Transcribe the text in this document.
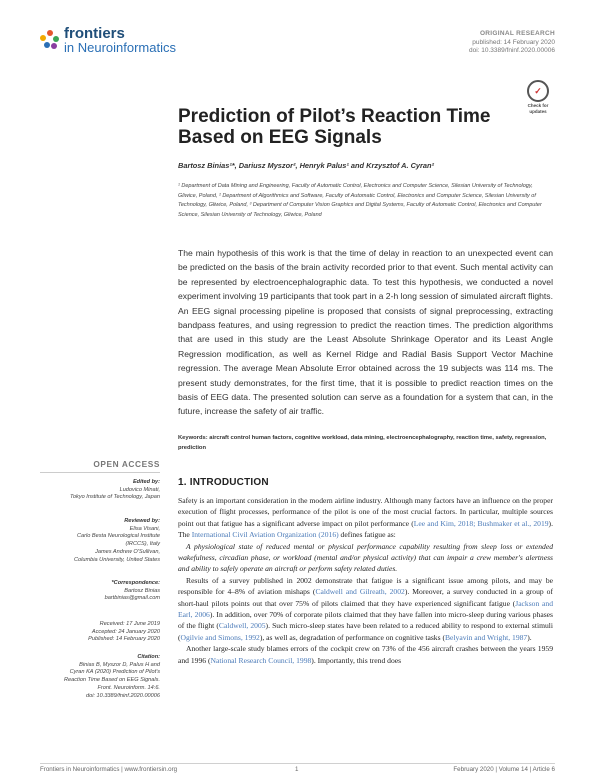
frontiers
in Neuroinformatics
ORIGINAL RESEARCH
published: 14 February 2020
doi: 10.3389/fninf.2020.00006
✓
Check for
updates
Prediction of Pilot’s Reaction Time Based on EEG Signals
Bartosz Binias¹*, Dariusz Myszor², Henryk Palus¹ and Krzysztof A. Cyran²
¹ Department of Data Mining and Engineering, Faculty of Automatic Control, Electronics and Computer Science, Silesian University of Technology, Gliwice, Poland, ² Department of Algorithmics and Software, Faculty of Automatic Control, Electronics and Computer Science, Silesian University of Technology, Gliwice, Poland, ³ Department of Computer Vision Graphics and Digital Systems, Faculty of Automatic Control, Electronics and Computer Science, Silesian University of Technology, Gliwice, Poland
The main hypothesis of this work is that the time of delay in reaction to an unexpected event can be predicted on the basis of the brain activity recorded prior to that event. Such mental activity can be represented by electroencephalographic data. To test this hypothesis, we conducted a novel experiment involving 19 participants that took part in a 2-h long session of simulated aircraft flights. An EEG signal processing pipeline is proposed that consists of signal preprocessing, extracting bandpass features, and using regression to predict the reaction times. The prediction algorithms that are used in this study are the Least Absolute Shrinkage Operator and its Least Angle Regression modification, as well as Kernel Ridge and Radial Basis Support Vector Machine regression. The average Mean Absolute Error obtained across the 19 subjects was 114 ms. The present study demonstrates, for the first time, that it is possible to predict reaction times on the basis of EEG data. The presented solution can serve as a foundation for a system that can, in the future, increase the safety of air traffic.
Keywords: aircraft control human factors, cognitive workload, data mining, electroencephalography, reaction time, safety, regression, prediction
OPEN ACCESS
Edited by:
Ludovico Minati,
Tokyo Institute of Technology, Japan
Reviewed by:
Elisa Visani,
Carlo Besta Neurological Institute
(IRCCS), Italy
James Andrew O'Sullivan,
Columbia University, United States
*Correspondence:
Bartosz Binias
bartbinias@gmail.com
Received: 17 June 2019
Accepted: 24 January 2020
Published: 14 February 2020
Citation:
Binias B, Myszor D, Palus H and
Cyran KA (2020) Prediction of Pilot's
Reaction Time Based on EEG Signals.
Front. Neuroinform. 14:6.
doi: 10.3389/fninf.2020.00006
1. INTRODUCTION

Safety is an important consideration in the modern airline industry. Although many factors have an influence on the proper execution of flight processes, performance of the pilot is one of the most crucial factors. In particular, multiple sources point out that fatigue has a significant adverse impact on pilot performance (Lee and Kim, 2018; Bushmaker et al., 2019). The International Civil Aviation Organization (2016) defines fatigue as:

A physiological state of reduced mental or physical performance capability resulting from sleep loss or extended wakefulness, circadian phase, or workload (mental and/or physical activity) that can impair a crew member's alertness and ability to safely operate an aircraft or perform safety related duties.

Results of a survey published in 2002 demonstrate that fatigue is a significant issue among pilots, and may be responsible for 4–8% of aviation mishaps (Caldwell and Gilreath, 2002). Moreover, a survey conducted in a group of short-haul pilots points out that over 75% of pilots claimed that they have experienced significant fatigue (Jackson and Earl, 2006). In addition, over 70% of corporate pilots claimed that they have fallen into micro-sleep during various phases of the flight (Caldwell, 2005). Such micro-sleep states have been related to a reduced ability to respond to external stimuli (Ogilvie and Simons, 1992), as well as, degradation of performance on cognitive tasks (Belyavin and Wright, 1987).

Another large-scale study blames errors of the cockpit crew on 73% of the 456 aircraft crashes between the years 1959 and 1996 (National Research Council, 1998). Importantly, this trend does

Frontiers in Neuroinformatics | www.frontiersin.org	1	February 2020 | Volume 14 | Article 6
